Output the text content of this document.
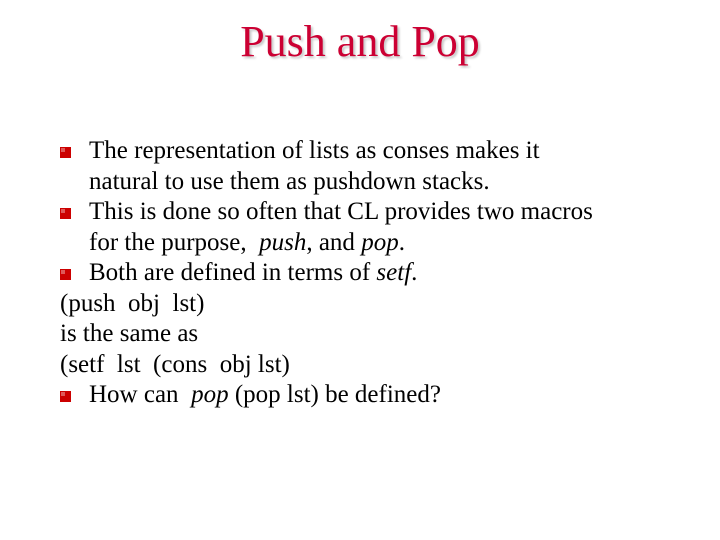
Push and Pop
The representation of lists as conses makes it
natural to use them as pushdown stacks.
This is done so often that CL provides two macros
for the purpose,  push, and pop.
Both are defined in terms of setf.
(push  obj  lst)
is the same as
(setf  lst  (cons  obj lst)
How can  pop (pop lst) be defined?
